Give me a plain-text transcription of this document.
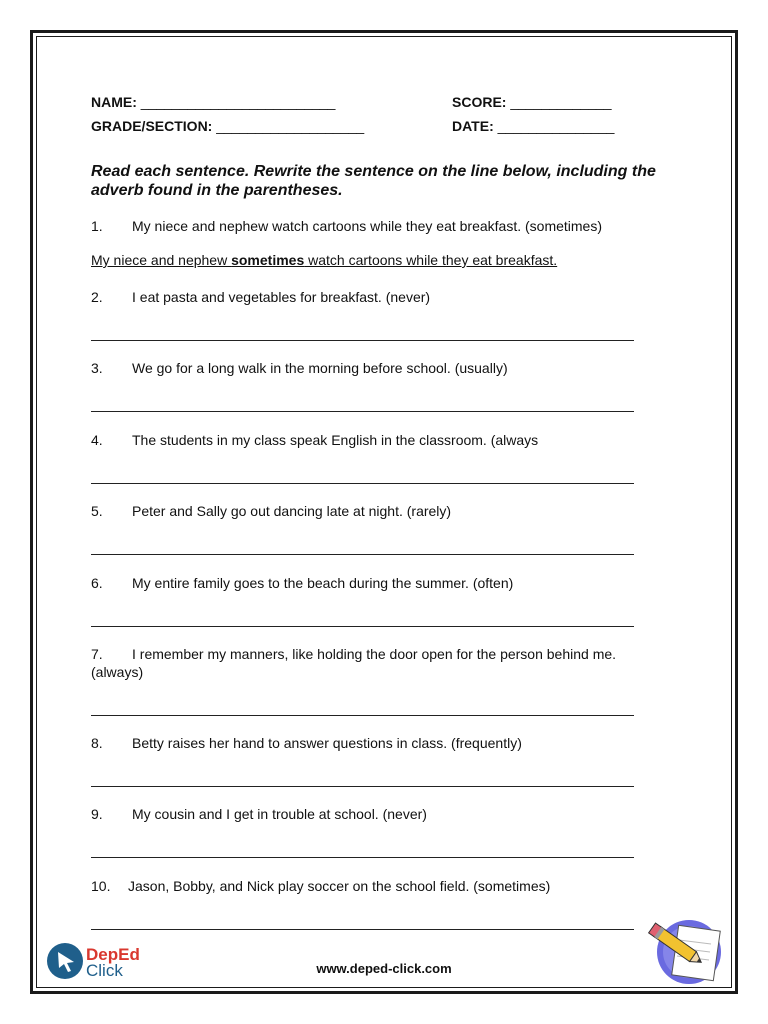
NAME: _________________________	SCORE: _____________
GRADE/SECTION: ___________________	DATE: _______________
Read each sentence. Rewrite the sentence on the line below, including the adverb found in the parentheses.
1. My niece and nephew watch cartoons while they eat breakfast. (sometimes)
My niece and nephew sometimes watch cartoons while they eat breakfast.
2. I eat pasta and vegetables for breakfast. (never)
3. We go for a long walk in the morning before school. (usually)
4. The students in my class speak English in the classroom. (always
5. Peter and Sally go out dancing late at night. (rarely)
6. My entire family goes to the beach during the summer. (often)
7. I remember my manners, like holding the door open for the person behind me. (always)
8. Betty raises her hand to answer questions in class. (frequently)
9. My cousin and I get in trouble at school. (never)
10. Jason, Bobby, and Nick play soccer on the school field. (sometimes)
DepEd
Click	www.deped-click.com
